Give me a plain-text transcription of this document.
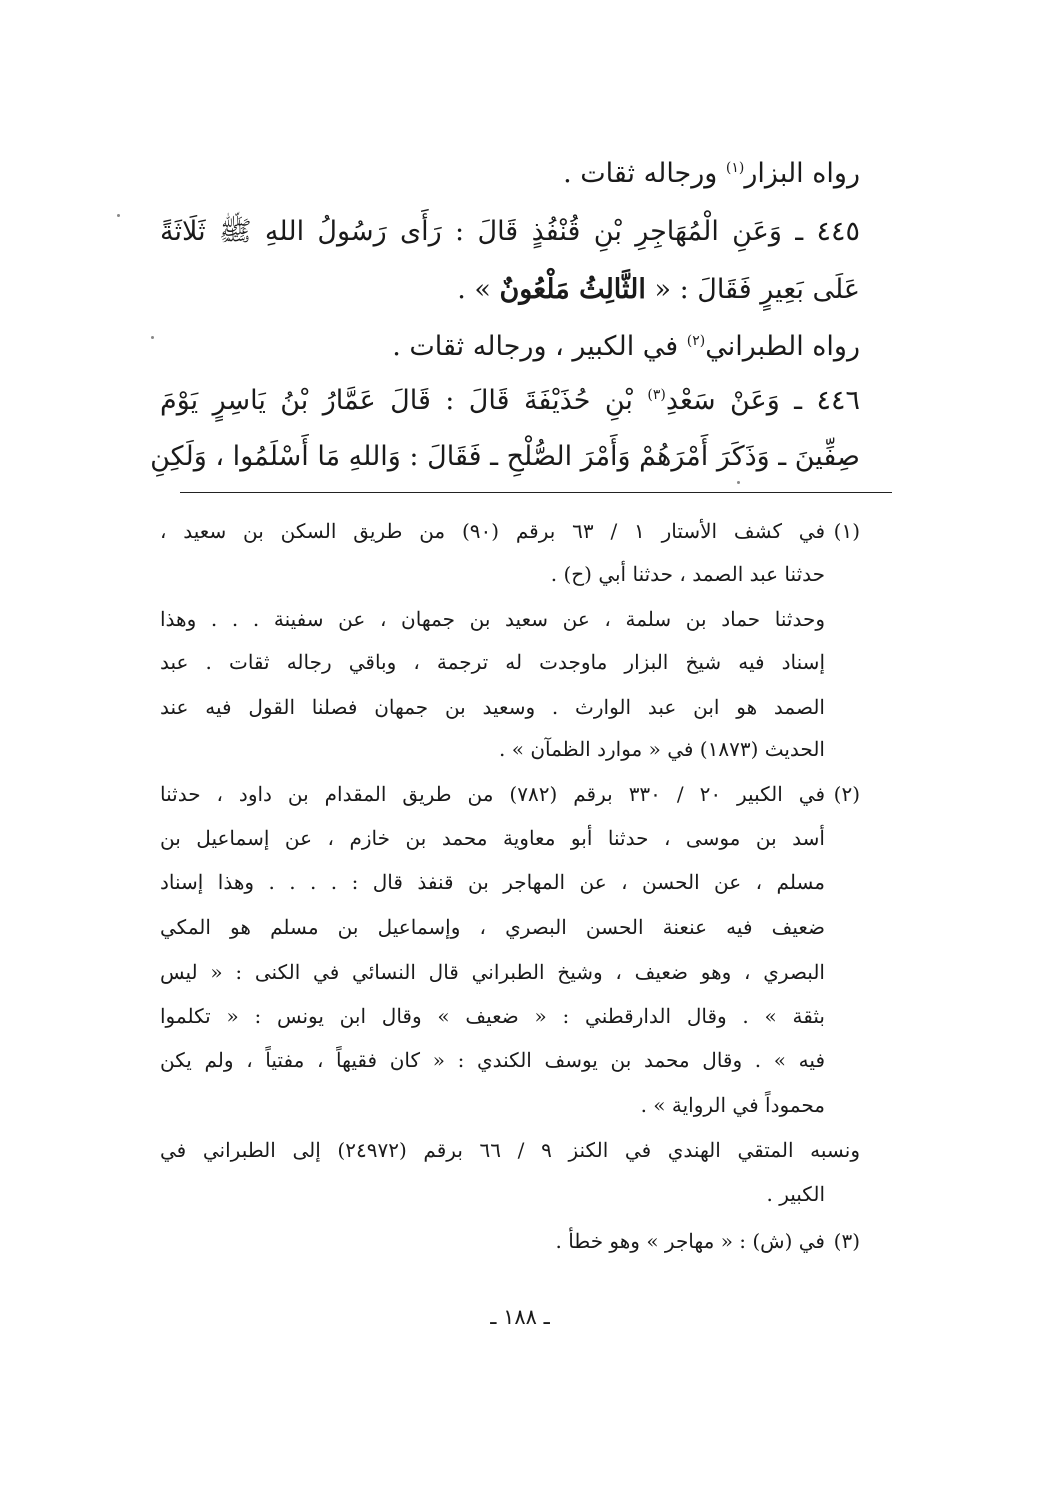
رواه البزار$^{(١)}$ ورجاله ثقات .
٤٤٥ ـ وَعَنِ الْمُهَاجِرِ بْنِ قُنْفُذٍ قَالَ : رَأَى رَسُولُ اللهِ ﷺ ثَلَاثَةً
عَلَى بَعِيرٍ فَقَالَ : « الثَّالِثُ مَلْعُونٌ » .
رواه الطبراني$^{(٢)}$ في الكبير ، ورجاله ثقات .
٤٤٦ ـ وَعَنْ سَعْدِ$^{(٣)}$ بْنِ حُذَيْفَةَ قَالَ : قَالَ عَمَّارُ بْنُ يَاسِرٍ يَوْمَ
صِفِّينَ ـ وَذَكَرَ أَمْرَهُمْ وَأَمْرَ الصُّلْحِ ـ فَقَالَ : وَاللهِ مَا أَسْلَمُوا ، وَلَكِنِ
(١)في كشف الأستار ١ / ٦٣ برقم (٩٠) من طريق السكن بن سعيد ،
حدثنا عبد الصمد ، حدثنا أبي (ح) .
وحدثنا حماد بن سلمة ، عن سعيد بن جمهان ، عن سفينة . . . وهذا
إسناد فيه شيخ البزار ماوجدت له ترجمة ، وباقي رجاله ثقات . عبد
الصمد هو ابن عبد الوارث . وسعيد بن جمهان فصلنا القول فيه عند
الحديث (١٨٧٣) في « موارد الظمآن » .
(٢)في الكبير ٢٠ / ٣٣٠ برقم (٧٨٢) من طريق المقدام بن داود ، حدثنا
أسد بن موسى ، حدثنا أبو معاوية محمد بن خازم ، عن إسماعيل بن
مسلم ، عن الحسن ، عن المهاجر بن قنفذ قال : . . . . وهذا إسناد
ضعيف فيه عنعنة الحسن البصري ، وإسماعيل بن مسلم هو المكي
البصري ، وهو ضعيف ، وشيخ الطبراني قال النسائي في الكنى : « ليس
بثقة » . وقال الدارقطني : « ضعيف » وقال ابن يونس : « تكلموا
فيه » . وقال محمد بن يوسف الكندي : « كان فقيهاً ، مفتياً ، ولم يكن
محموداً في الرواية » .
ونسبه المتقي الهندي في الكنز ٩ / ٦٦ برقم (٢٤٩٧٢) إلى الطبراني في
الكبير .
(٣)في (ش) : « مهاجر » وهو خطأ .
ـ ١٨٨ ـ
